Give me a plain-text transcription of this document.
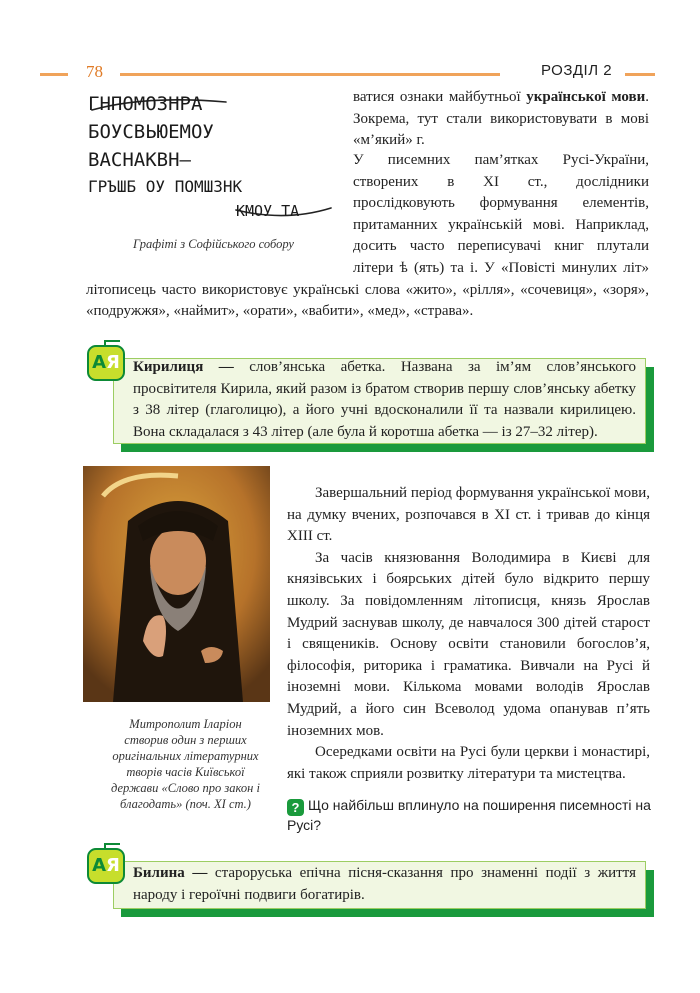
78	РОЗДІЛ 2
ГНПОМОЗНРА
БОУСВЬЮЕМОУ
ВАСНАКВН—
ГРЪШБ ОУ ПОМШЗНК
КМОУ ТА
Графіті з Софійського собору

ватися ознаки майбутньої української мови. Зокрема, тут стали використовувати в мові «м’який» г.

У писемних пам’ятках Русі-України, створених в XI ст., дослідники прослідковують формування елементів, притаманних українській мові. Наприклад, досить часто переписувачі книг плутали літери ѣ (ять) та і. У «Повісті минулих літ» літописець часто використовує українські слова «жито», «рілля», «сочевиця», «зоря», «подружжя», «наймит», «орати», «вабити», «мед», «страва».

АЯ Кирилиця — слов’янська абетка. Названа за ім’ям слов’янського просвітителя Кирила, який разом із братом створив першу слов’янську абетку з 38 літер (глаголицю), а його учні вдосконалили її та назвали кирилицею. Вона складалася з 43 літер (але була й коротша абетка — із 27–32 літер).
Митрополит Іларіон створив один з перших оригінальних літературних творів часів Київської держави «Слово про закон і благодать» (поч. XI ст.)

Завершальний період формування української мови, на думку вчених, розпочався в XI ст. і тривав до кінця XIII ст.

За часів князювання Володимира в Києві для князівських і боярських дітей було відкрито першу школу. За повідомленням літописця, князь Ярослав Мудрий заснував школу, де навчалося 300 дітей старост і священиків. Основу освіти становили богослов’я, філософія, риторика і граматика. Вивчали на Русі й іноземні мови. Кількома мовами володів Ярослав Мудрий, а його син Всеволод удома опанував п’ять іноземних мов.

Осередками освіти на Русі були церкви і монастирі, які також сприяли розвитку літератури та мистецтва.

? Що найбільш вплинуло на поширення писемності на Русі?
АЯ Билина — староруська епічна пісня-сказання про знаменні події з життя народу і героїчні подвиги богатирів.
